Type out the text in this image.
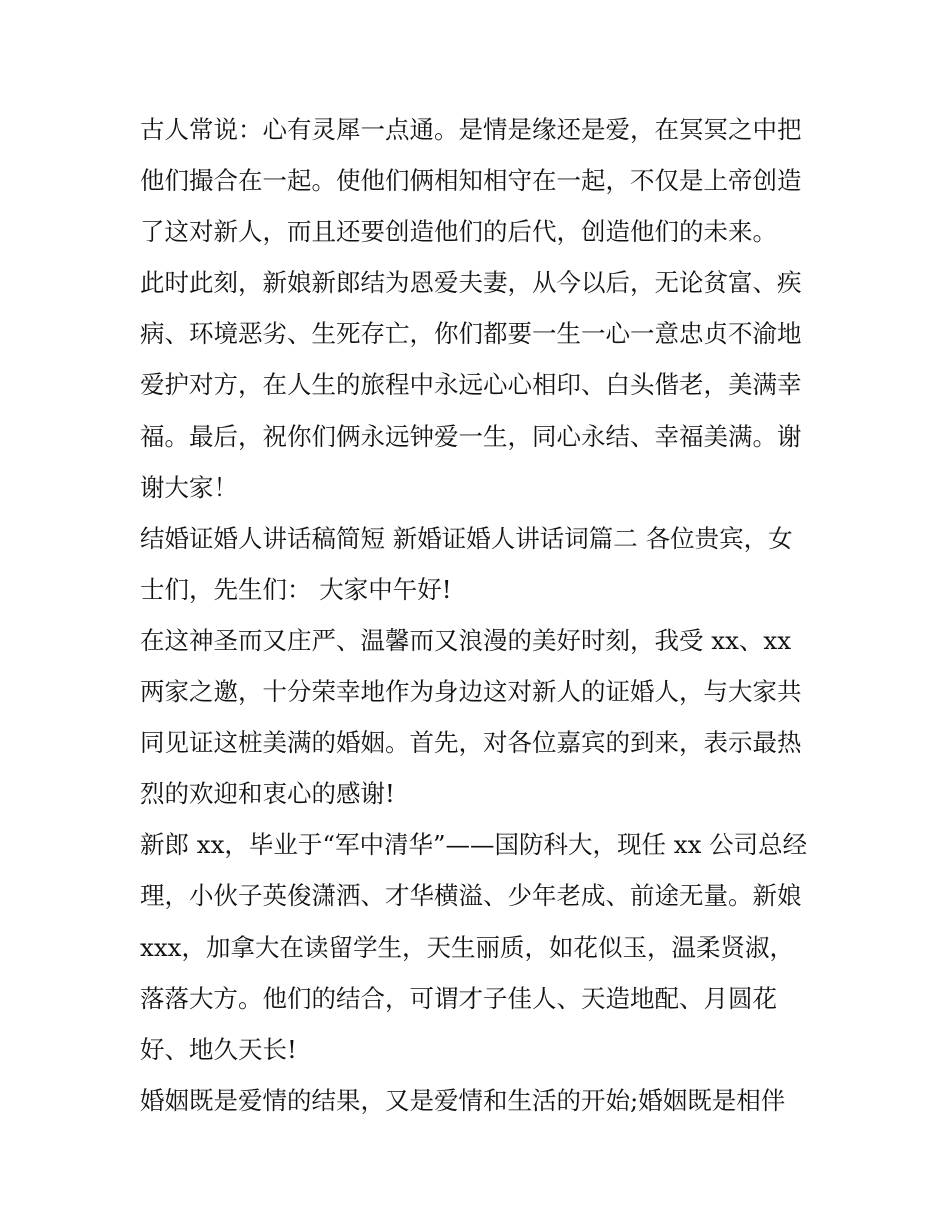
古人常说：心有灵犀一点通。是情是缘还是爱，在冥冥之中把
他们撮合在一起。使他们俩相知相守在一起，不仅是上帝创造
了这对新人，而且还要创造他们的后代，创造他们的未来。
此时此刻，新娘新郎结为恩爱夫妻，从今以后，无论贫富、疾
病、环境恶劣、生死存亡，你们都要一生一心一意忠贞不渝地
爱护对方，在人生的旅程中永远心心相印、白头偕老，美满幸
福。最后，祝你们俩永远钟爱一生，同心永结、幸福美满。谢
谢大家！
结婚证婚人讲话稿简短 新婚证婚人讲话词篇二 各位贵宾，女
士们，先生们： 大家中午好!
在这神圣而又庄严、温馨而又浪漫的美好时刻，我受 xx、xx
两家之邀，十分荣幸地作为身边这对新人的证婚人，与大家共
同见证这桩美满的婚姻。首先，对各位嘉宾的到来，表示最热
烈的欢迎和衷心的感谢!
新郎 xx，毕业于“军中清华”——国防科大，现任 xx 公司总经
理，小伙子英俊潇洒、才华横溢、少年老成、前途无量。新娘
xxx，加拿大在读留学生，天生丽质，如花似玉，温柔贤淑，
落落大方。他们的结合，可谓才子佳人、天造地配、月圆花
好、地久天长!
婚姻既是爱情的结果，又是爱情和生活的开始;婚姻既是相伴
